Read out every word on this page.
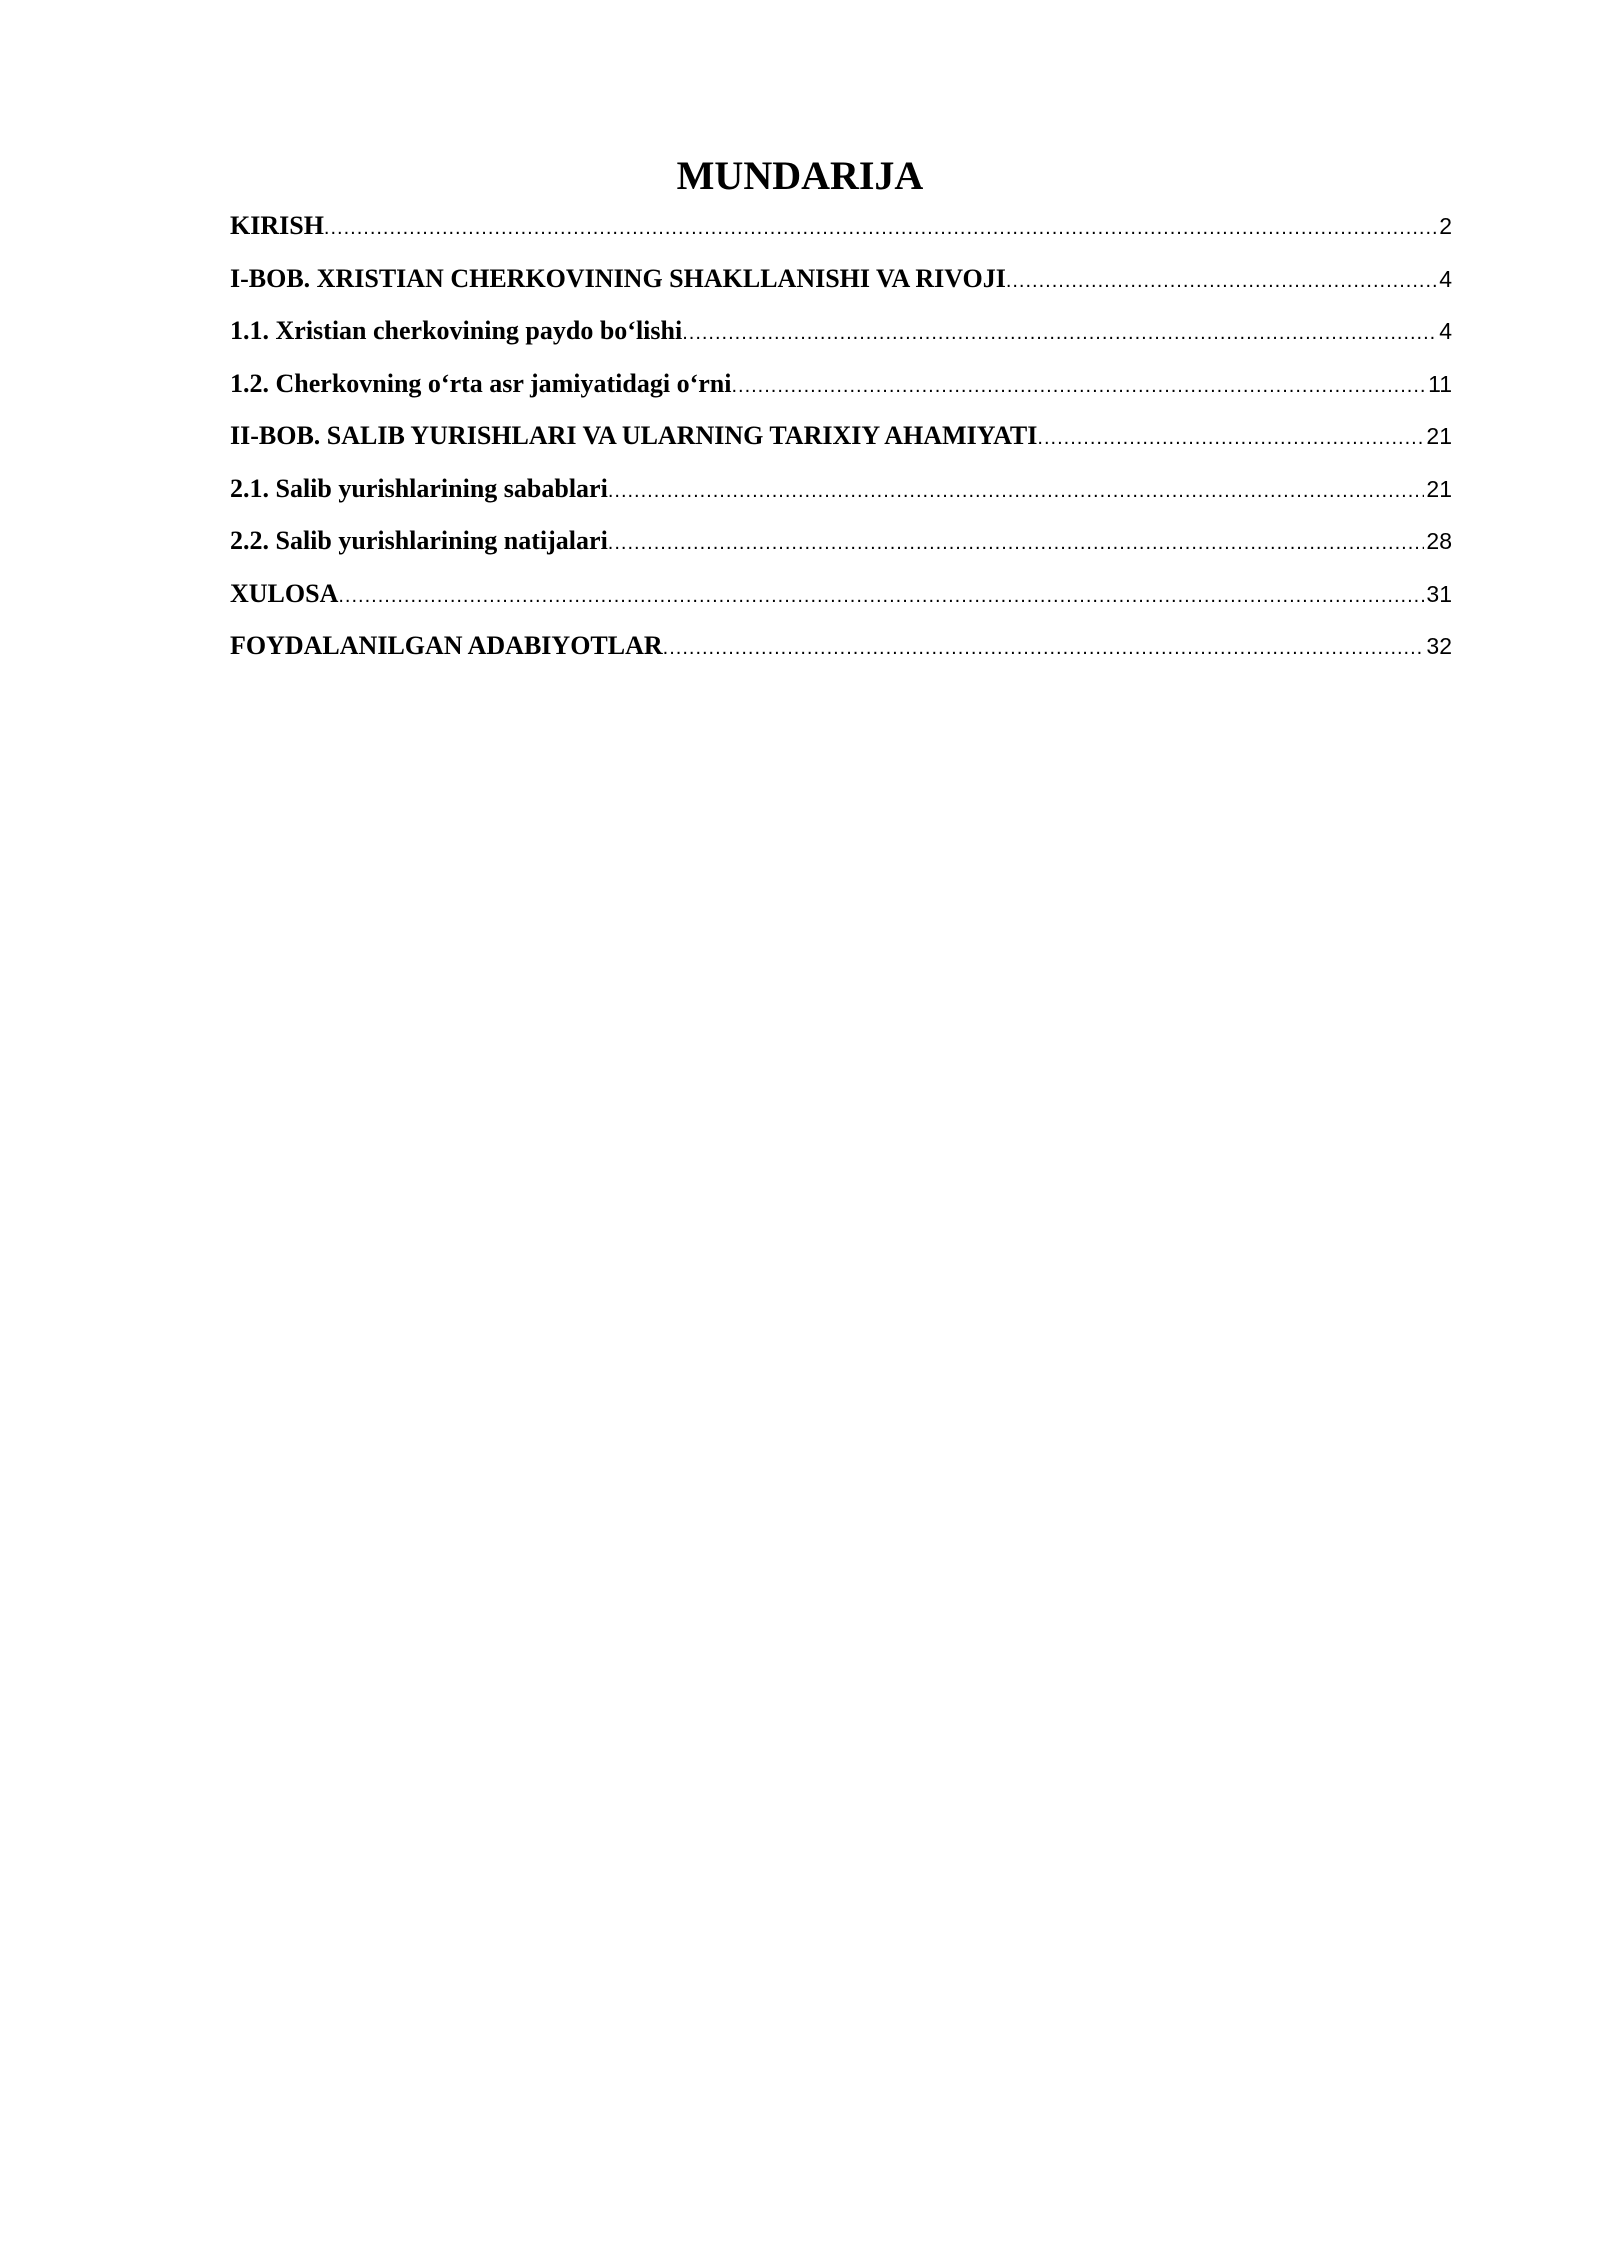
MUNDARIJA
KIRISH .....	2
I-BOB. XRISTIAN CHERKOVINING SHAKLLANISHI VA RIVOJI .....	4
1.1. Xristian cherkovining paydo bo‘lishi .....	4
1.2. Cherkovning o‘rta asr jamiyatidagi o‘rni .....	11
II-BOB. SALIB YURISHLARI VA ULARNING TARIXIY AHAMIYATI .....	21
2.1. Salib yurishlarining sabablari .....	21
2.2. Salib yurishlarining natijalari .....	28
XULOSA .....	31
FOYDALANILGAN ADABIYOTLAR .....	32
